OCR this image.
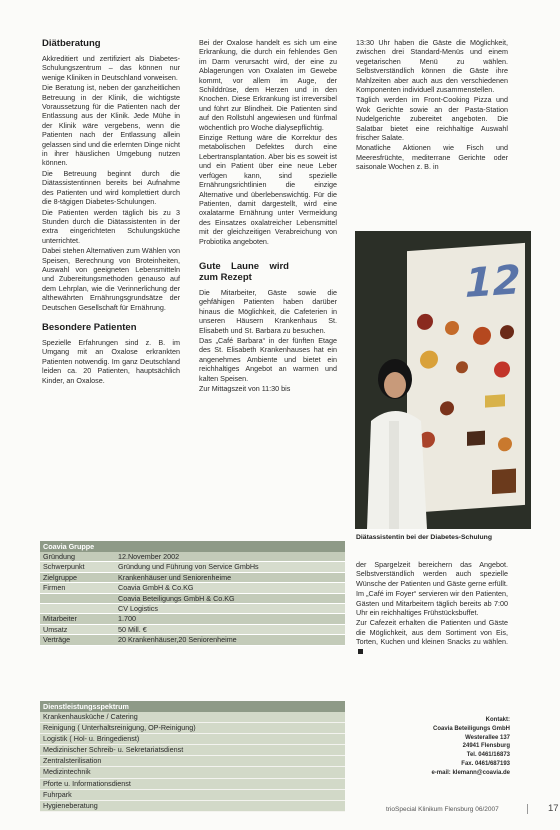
Diätberatung

Akkreditiert und zertifiziert als Diabetes-Schulungszentrum – das können nur wenige Kliniken in Deutschland vorweisen.

Die Beratung ist, neben der ganzheitlichen Betreuung in der Klinik, die wichtigste Voraussetzung für die Patienten nach der Entlassung aus der Klinik. Jede Mühe in der Klinik wäre vergebens, wenn die Patienten nach der Entlassung allein gelassen sind und die erlernten Dinge nicht in ihrer häuslichen Umgebung nutzen können.

Die Betreuung beginnt durch die Diätassistentinnen bereits bei Aufnahme des Patienten und wird komplettiert durch die 8-tägigen Diabetes-Schulungen.

Die Patienten werden täglich bis zu 3 Stunden durch die Diätassistenten in der extra eingerichteten Schulungsküche unterrichtet.

Dabei stehen Alternativen zum Wählen von Speisen, Berechnung von Broteinheiten, Auswahl von geeigneten Lebensmitteln und Zubereitungsmethoden genauso auf dem Lehrplan, wie die Verinnerlichung der althewährten Ernährungsgrundsätze der Deutschen Gesellschaft für Ernährung.

Besondere Patienten

Spezielle Erfahrungen sind z. B. im Umgang mit an Oxalose erkrankten Patienten notwendig. Im ganz Deutschland leiden ca. 20 Patienten, hauptsächlich Kinder, an Oxalose.

Bei der Oxalose handelt es sich um eine Erkrankung, die durch ein fehlendes Gen im Darm verursacht wird, der eine zu Ablagerungen von Oxalaten im Gewebe kommt, vor allem im Auge, der Schilddrüse, dem Herzen und in den Knochen. Diese Erkrankung ist irreversibel und führt zur Blindheit. Die Patienten sind auf den Rollstuhl angewiesen und fünfmal wöchentlich pro Woche dialysepflichtig.

Einzige Rettung wäre die Korrektur des metabolischen Defektes durch eine Lebertransplantation. Aber bis es soweit ist und ein Patient über eine neue Leber verfügen kann, sind spezielle Ernährungsrichtlinien die einzige Alternative und überlebenswichtig. Für die Patienten, damit dargestellt, wird eine oxalatarme Ernährung unter Vermeidung des Einsatzes oxalatreicher Lebensmittel mit der gleichzeitigen Verabreichung von Probiotika angeboten.

Gute Laune wird zum Rezept

Die Mitarbeiter, Gäste sowie die gehfähigen Patienten haben darüber hinaus die Möglichkeit, die Cafeterien in unseren Häusern Krankenhaus St. Elisabeth und St. Barbara zu besuchen.

Das „Café Barbara“ in der fünften Etage des St. Elisabeth Krankenhauses hat ein angenehmes Ambiente und bietet ein reichhaltiges Angebot an warmen und kalten Speisen.

Zur Mittagszeit von 11:30 bis

13:30 Uhr haben die Gäste die Möglichkeit, zwischen drei Standard-Menüs und einem vegetarischen Menü zu wählen. Selbstverständlich können die Gäste ihre Mahlzeiten aber auch aus den verschiedenen Komponenten individuell zusammenstellen.

Täglich werden im Front-Cooking Pizza und Wok Gerichte sowie an der Pasta-Station Nudelgerichte zubereitet angeboten. Die Salatbar bietet eine reichhaltige Auswahl frischer Salate.

Monatliche Aktionen wie Fisch und Meeresfrüchte, mediterrane Gerichte oder saisonale Wochen z. B. in

12
Diätassistentin bei der Diabetes-Schulung

der Spargelzeit bereichern das Angebot. Selbstverständlich werden auch spezielle Wünsche der Patienten und Gäste gerne erfüllt.

Im „Café im Foyer“ servieren wir den Patienten, Gästen und Mitarbeitern täglich bereits ab 7:00 Uhr ein reichhaltiges Frühstücksbuffet.

Zur Cafezeit erhalten die Patienten und Gäste die Möglichkeit, aus dem Sortiment von Eis, Torten, Kuchen und kleinen Snacks zu wählen.

Coavia Gruppe
Gründung	12.November 2002
Schwerpunkt	Gründung und Führung von Service GmbHs
Zielgruppe	Krankenhäuser und Seniorenheime
Firmen	Coavia GmbH & Co.KG
Coavia Beteiligungs GmbH & Co.KG
CV Logistics
Mitarbeiter	1.700
Umsatz	50 Mill. €
Verträge	20 Krankenhäuser,20 Seniorenheime
Dienstleistungsspektrum
Krankenhausküche / Catering
Reinigung ( Unterhaltsreinigung, OP-Reinigung)
Logistik ( Hol- u. Bringedienst)
Medizinischer Schreib- u. Sekretariatsdienst
Zentralsterilisation
Medizintechnik
Pforte u. Informationsdienst
Fuhrpark
Hygieneberatung
Kontakt:
Coavia Beteiligungs GmbH
Westerallee 137
24941 Flensburg
Tel. 0461/16873
Fax. 0461/687193
e-mail: klemann@coavia.de
trioSpecial Klinikum Flensburg 06/2007	17
